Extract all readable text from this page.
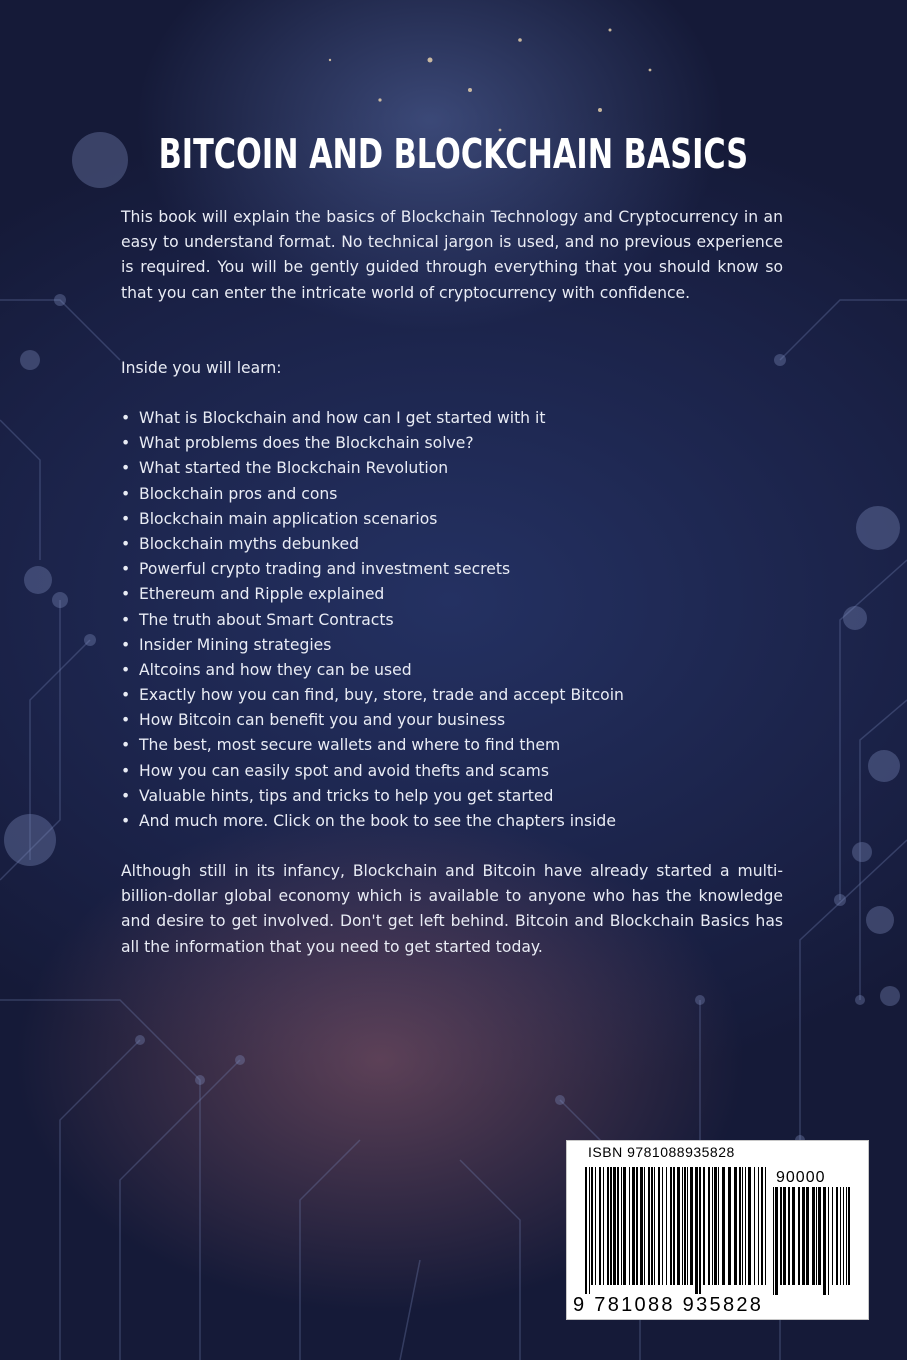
BITCOIN AND BLOCKCHAIN BASICS

This book will explain the basics of Blockchain Technology and Cryptocurrency in an easy to understand format. No technical jargon is used, and no previous experience is required. You will be gently guided through everything that you should know so that you can enter the intricate world of cryptocurrency with confidence.

Inside you will learn:

• What is Blockchain and how can I get started with it
• What problems does the Blockchain solve?
• What started the Blockchain Revolution
• Blockchain pros and cons
• Blockchain main application scenarios
• Blockchain myths debunked
• Powerful crypto trading and investment secrets
• Ethereum and Ripple explained
• The truth about Smart Contracts
• Insider Mining strategies
• Altcoins and how they can be used
• Exactly how you can find, buy, store, trade and accept Bitcoin
• How Bitcoin can benefit you and your business
• The best, most secure wallets and where to find them
• How you can easily spot and avoid thefts and scams
• Valuable hints, tips and tricks to help you get started
• And much more. Click on the book to see the chapters inside

Although still in its infancy, Blockchain and Bitcoin have already started a multi-billion-dollar global economy which is available to anyone who has the knowledge and desire to get involved. Don't get left behind. Bitcoin and Blockchain Basics has all the information that you need to get started today.

ISBN 9781088935828
90000
9 781088 935828
